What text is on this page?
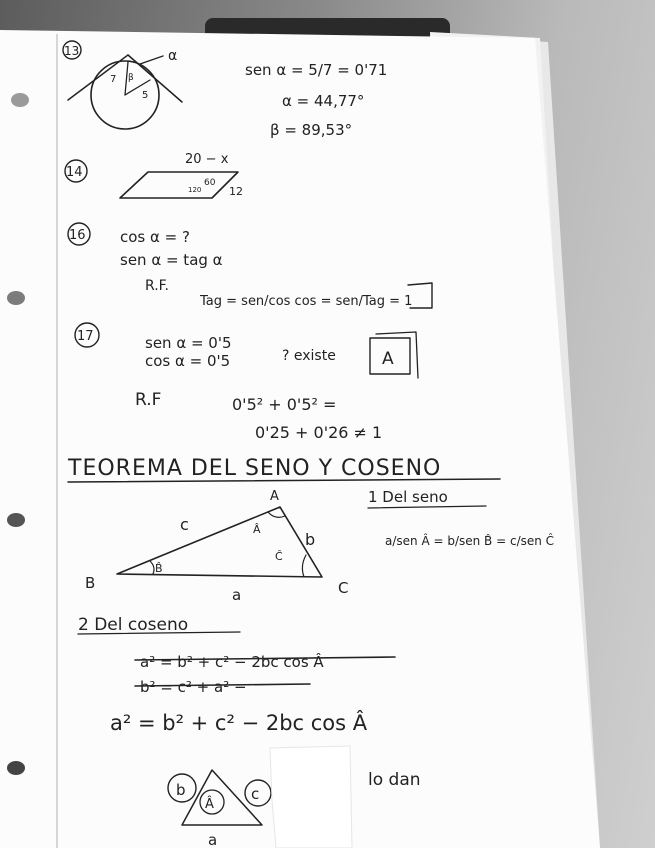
13	α
7 β
5
sen α = 5/7 = 0'71
α = 44,77°
β = 89,53°
14
20 − x
60
120	12
16 cos α = ?
sen α = tag α
R.F.
Tag = sen/cos cos = sen/Tag = 1
17	sen α = 0'5
cos α = 0'5	? existe	A
R.F	0'5² + 0'5² =
0'25 + 0'26 ≠ 1
TEOREMA DEL SENO Y COSENO
A
B	C
a
b
c	Â
B̂
Ĉ
1 Del seno
a/sen Â = b/sen B̂ = c/sen Ĉ
2 Del coseno
a² = b² + c² − 2bc cos Â
b² = c² + a² −
a² = b² + c² − 2bc cos Â
b	c
Â
a
lo dan
